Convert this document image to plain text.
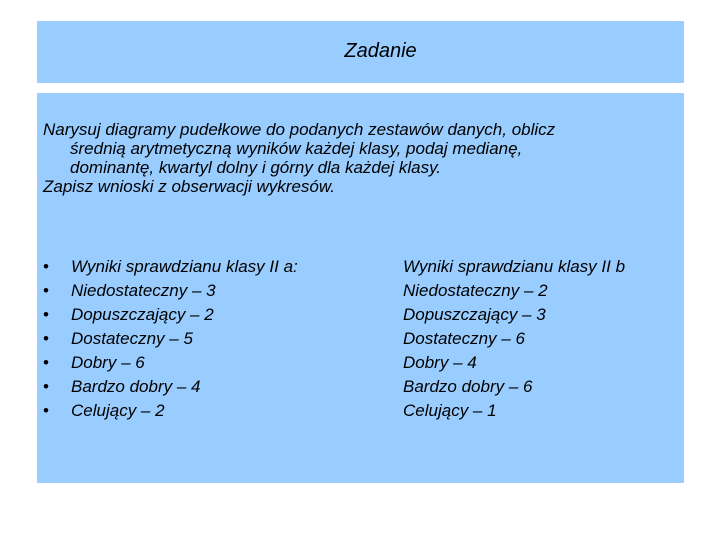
Zadanie
Narysuj diagramy pudełkowe do podanych zestawów danych, oblicz
średnią arytmetyczną wyników każdej klasy, podaj medianę,
dominantę, kwartyl dolny i górny dla każdej klasy.
Zapisz wnioski z obserwacji wykresów.
•	Wyniki sprawdzianu klasy II a:
•	Niedostateczny – 3
•	Dopuszczający – 2
•	Dostateczny – 5
•	Dobry – 6
•	Bardzo dobry – 4
•	Celujący – 2
Wyniki sprawdzianu klasy II b
Niedostateczny – 2
Dopuszczający – 3
Dostateczny – 6
Dobry – 4
Bardzo dobry – 6
Celujący – 1
